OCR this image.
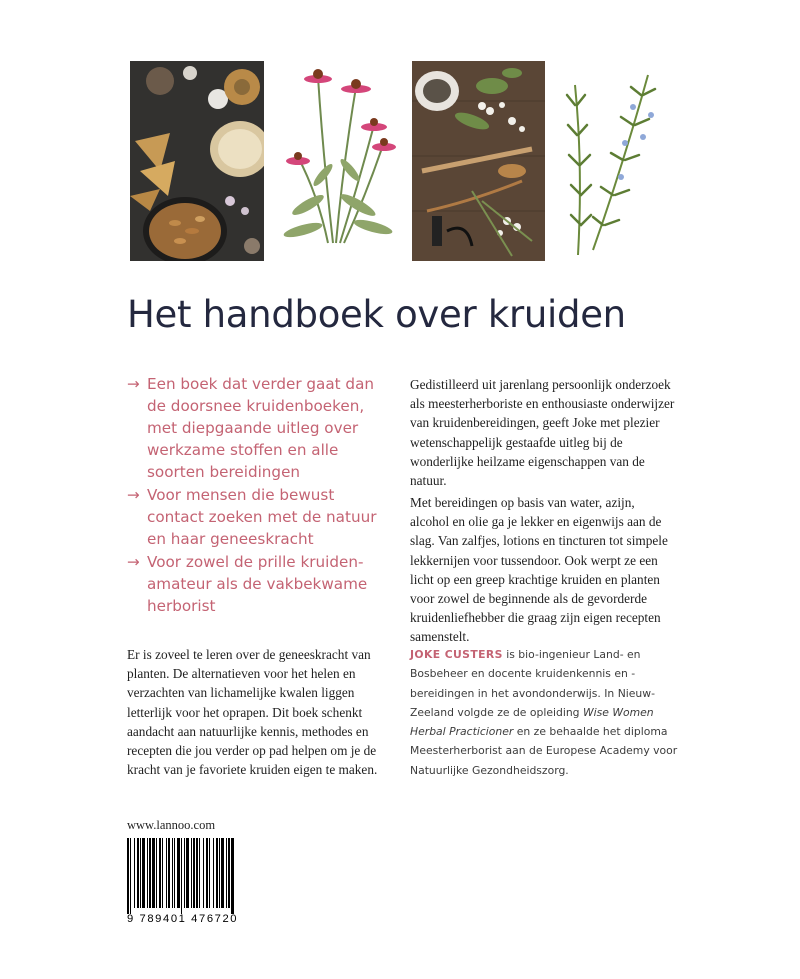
Het handboek over kruiden
→ Een boek dat verder gaat dan de doorsnee kruidenboeken, met diepgaande uitleg over werkzame stoffen en alle soorten bereidingen
→ Voor mensen die bewust contact zoeken met de natuur en haar geneeskracht
→ Voor zowel de prille kruiden-amateur als de vakbekwame herborist
Gedistilleerd uit jarenlang persoonlijk onderzoek als meesterherboriste en enthousiaste onderwijzer van kruidenbereidingen, geeft Joke met plezier wetenschappelijk gestaafde uitleg bij de wonderlijke heilzame eigenschappen van de natuur.
Met bereidingen op basis van water, azijn, alcohol en olie ga je lekker en eigenwijs aan de slag. Van zalfjes, lotions en tincturen tot simpele lekkernijen voor tussendoor. Ook werpt ze een licht op een greep krachtige kruiden en planten voor zowel de beginnende als de gevorderde kruidenliefhebber die graag zijn eigen recepten samenstelt.
Er is zoveel te leren over de geneeskracht van planten. De alternatieven voor het helen en verzachten van lichamelijke kwalen liggen letterlijk voor het oprapen. Dit boek schenkt aandacht aan natuurlijke kennis, methodes en recepten die jou verder op pad helpen om je de kracht van je favoriete kruiden eigen te maken.
JOKE CUSTERS is bio-ingenieur Land- en Bosbeheer en docente kruidenkennis en -bereidingen in het avondonderwijs. In Nieuw-Zeeland volgde ze de opleiding Wise Women Herbal Practicioner en ze behaalde het diploma Meesterherborist aan de Europese Academy voor Natuurlijke Gezondheidszorg.
www.lannoo.com
9 789401 476720
